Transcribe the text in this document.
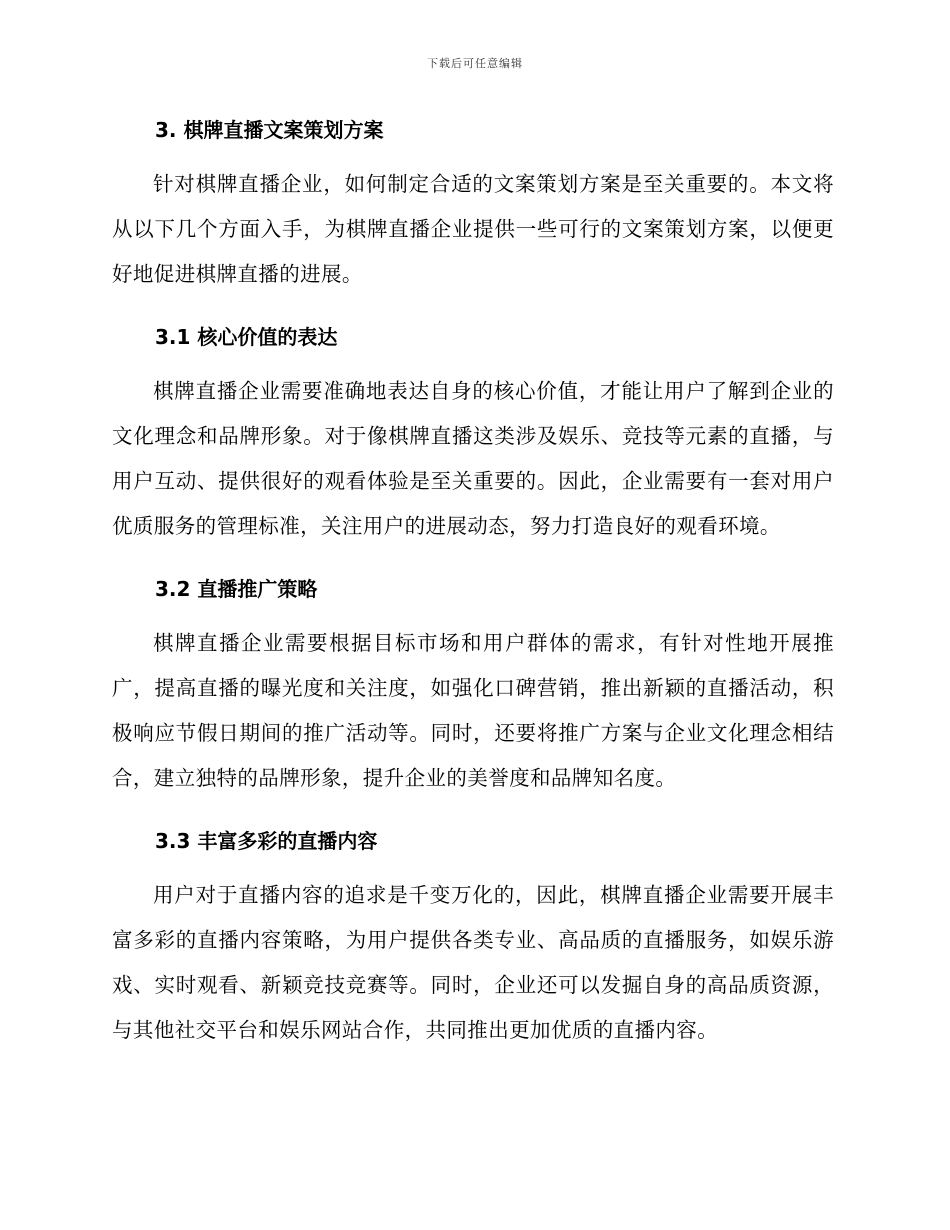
下载后可任意编辑
3. 棋牌直播文案策划方案

针对棋牌直播企业，如何制定合适的文案策划方案是至关重要的。本文将从以下几个方面入手，为棋牌直播企业提供一些可行的文案策划方案，以便更好地促进棋牌直播的进展。

3.1 核心价值的表达

棋牌直播企业需要准确地表达自身的核心价值，才能让用户了解到企业的文化理念和品牌形象。对于像棋牌直播这类涉及娱乐、竞技等元素的直播，与用户互动、提供很好的观看体验是至关重要的。因此，企业需要有一套对用户优质服务的管理标准，关注用户的进展动态，努力打造良好的观看环境。

3.2 直播推广策略

棋牌直播企业需要根据目标市场和用户群体的需求，有针对性地开展推广，提高直播的曝光度和关注度，如强化口碑营销，推出新颖的直播活动，积极响应节假日期间的推广活动等。同时，还要将推广方案与企业文化理念相结合，建立独特的品牌形象，提升企业的美誉度和品牌知名度。

3.3 丰富多彩的直播内容

用户对于直播内容的追求是千变万化的，因此，棋牌直播企业需要开展丰富多彩的直播内容策略，为用户提供各类专业、高品质的直播服务，如娱乐游戏、实时观看、新颖竞技竞赛等。同时，企业还可以发掘自身的高品质资源，与其他社交平台和娱乐网站合作，共同推出更加优质的直播内容。
